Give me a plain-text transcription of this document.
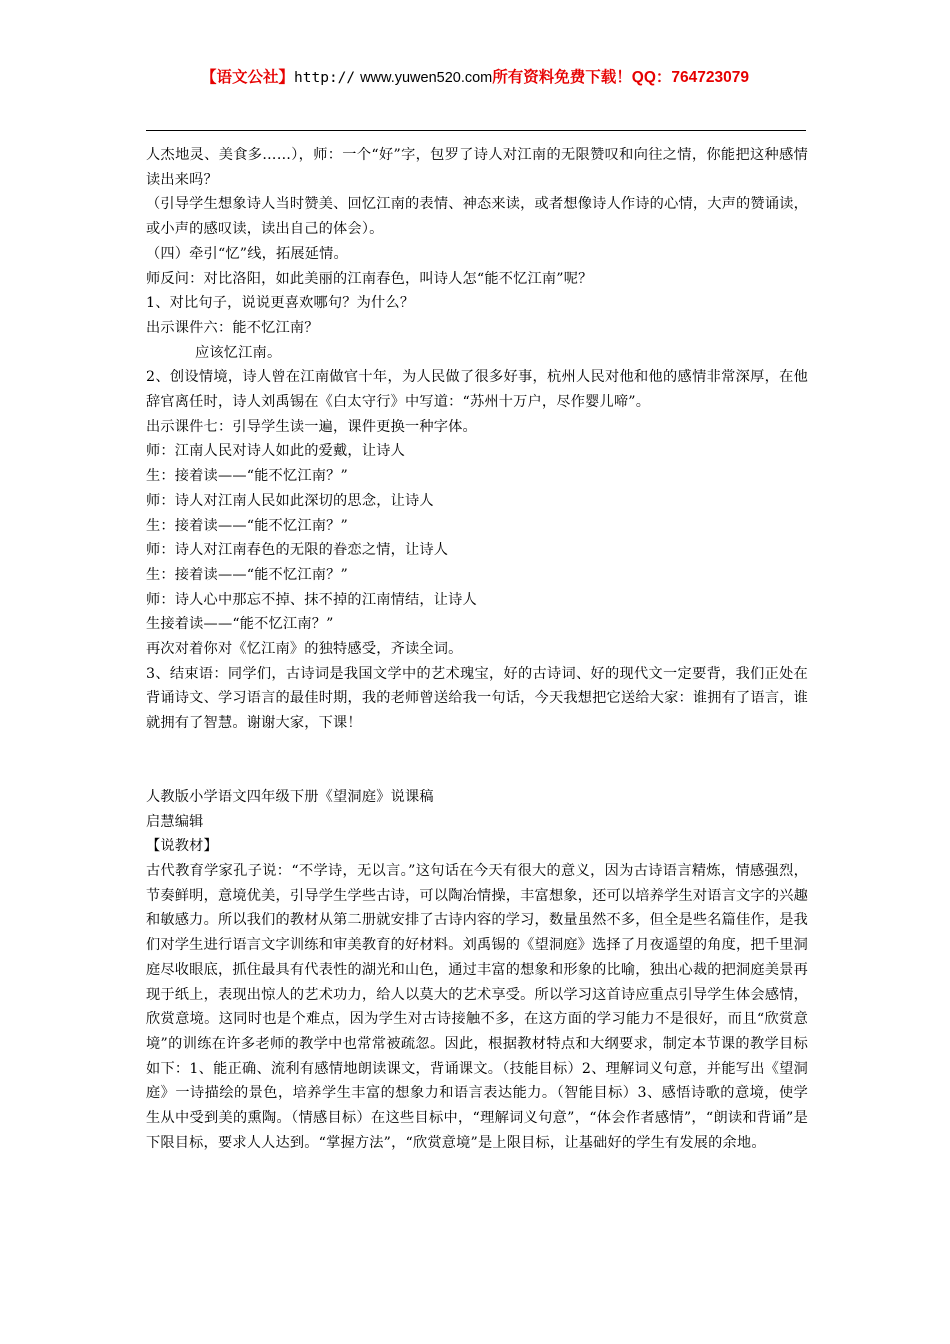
【语文公社】http:// www.yuwen520.com所有资料免费下载！QQ：764723079

人杰地灵、美食多……），师：一个“好”字，包罗了诗人对江南的无限赞叹和向往之情，你能把这种感情读出来吗？

（引导学生想象诗人当时赞美、回忆江南的表情、神态来读，或者想像诗人作诗的心情，大声的赞诵读，或小声的感叹读，读出自己的体会）。

（四）牵引“忆”线，拓展延情。

师反问：对比洛阳，如此美丽的江南春色，叫诗人怎“能不忆江南”呢？

1、对比句子，说说更喜欢哪句？为什么？

出示课件六：能不忆江南？

应该忆江南。

2、创设情境，诗人曾在江南做官十年，为人民做了很多好事，杭州人民对他和他的感情非常深厚，在他辞官离任时，诗人刘禹锡在《白太守行》中写道：“苏州十万户，尽作婴儿啼”。

出示课件七：引导学生读一遍，课件更换一种字体。

师：江南人民对诗人如此的爱戴，让诗人

生：接着读——“能不忆江南？”

师：诗人对江南人民如此深切的思念，让诗人

生：接着读——“能不忆江南？”

师：诗人对江南春色的无限的眷恋之情，让诗人

生：接着读——“能不忆江南？”

师：诗人心中那忘不掉、抹不掉的江南情结，让诗人

生接着读——“能不忆江南？”

再次对着你对《忆江南》的独特感受，齐读全词。

3、结束语：同学们，古诗词是我国文学中的艺术瑰宝，好的古诗词、好的现代文一定要背，我们正处在背诵诗文、学习语言的最佳时期，我的老师曾送给我一句话，今天我想把它送给大家：谁拥有了语言，谁就拥有了智慧。谢谢大家，下课！

人教版小学语文四年级下册《望洞庭》说课稿

启慧编辑

【说教材】

古代教育学家孔子说：“不学诗，无以言。”这句话在今天有很大的意义，因为古诗语言精炼，情感强烈，节奏鲜明，意境优美，引导学生学些古诗，可以陶冶情操，丰富想象，还可以培养学生对语言文字的兴趣和敏感力。所以我们的教材从第二册就安排了古诗内容的学习，数量虽然不多，但全是些名篇佳作，是我们对学生进行语言文字训练和审美教育的好材料。刘禹锡的《望洞庭》选择了月夜遥望的角度，把千里洞庭尽收眼底，抓住最具有代表性的湖光和山色，通过丰富的想象和形象的比喻，独出心裁的把洞庭美景再现于纸上，表现出惊人的艺术功力，给人以莫大的艺术享受。所以学习这首诗应重点引导学生体会感情，欣赏意境。这同时也是个难点，因为学生对古诗接触不多，在这方面的学习能力不是很好，而且“欣赏意境”的训练在许多老师的教学中也常常被疏忽。因此，根据教材特点和大纲要求，制定本节课的教学目标如下：1、能正确、流利有感情地朗读课文，背诵课文。（技能目标）2、理解词义句意，并能写出《望洞庭》一诗描绘的景色，培养学生丰富的想象力和语言表达能力。（智能目标）3、感悟诗歌的意境，使学生从中受到美的熏陶。（情感目标）在这些目标中，“理解词义句意”，“体会作者感情”，“朗读和背诵”是下限目标，要求人人达到。“掌握方法”，“欣赏意境”是上限目标，让基础好的学生有发展的余地。
